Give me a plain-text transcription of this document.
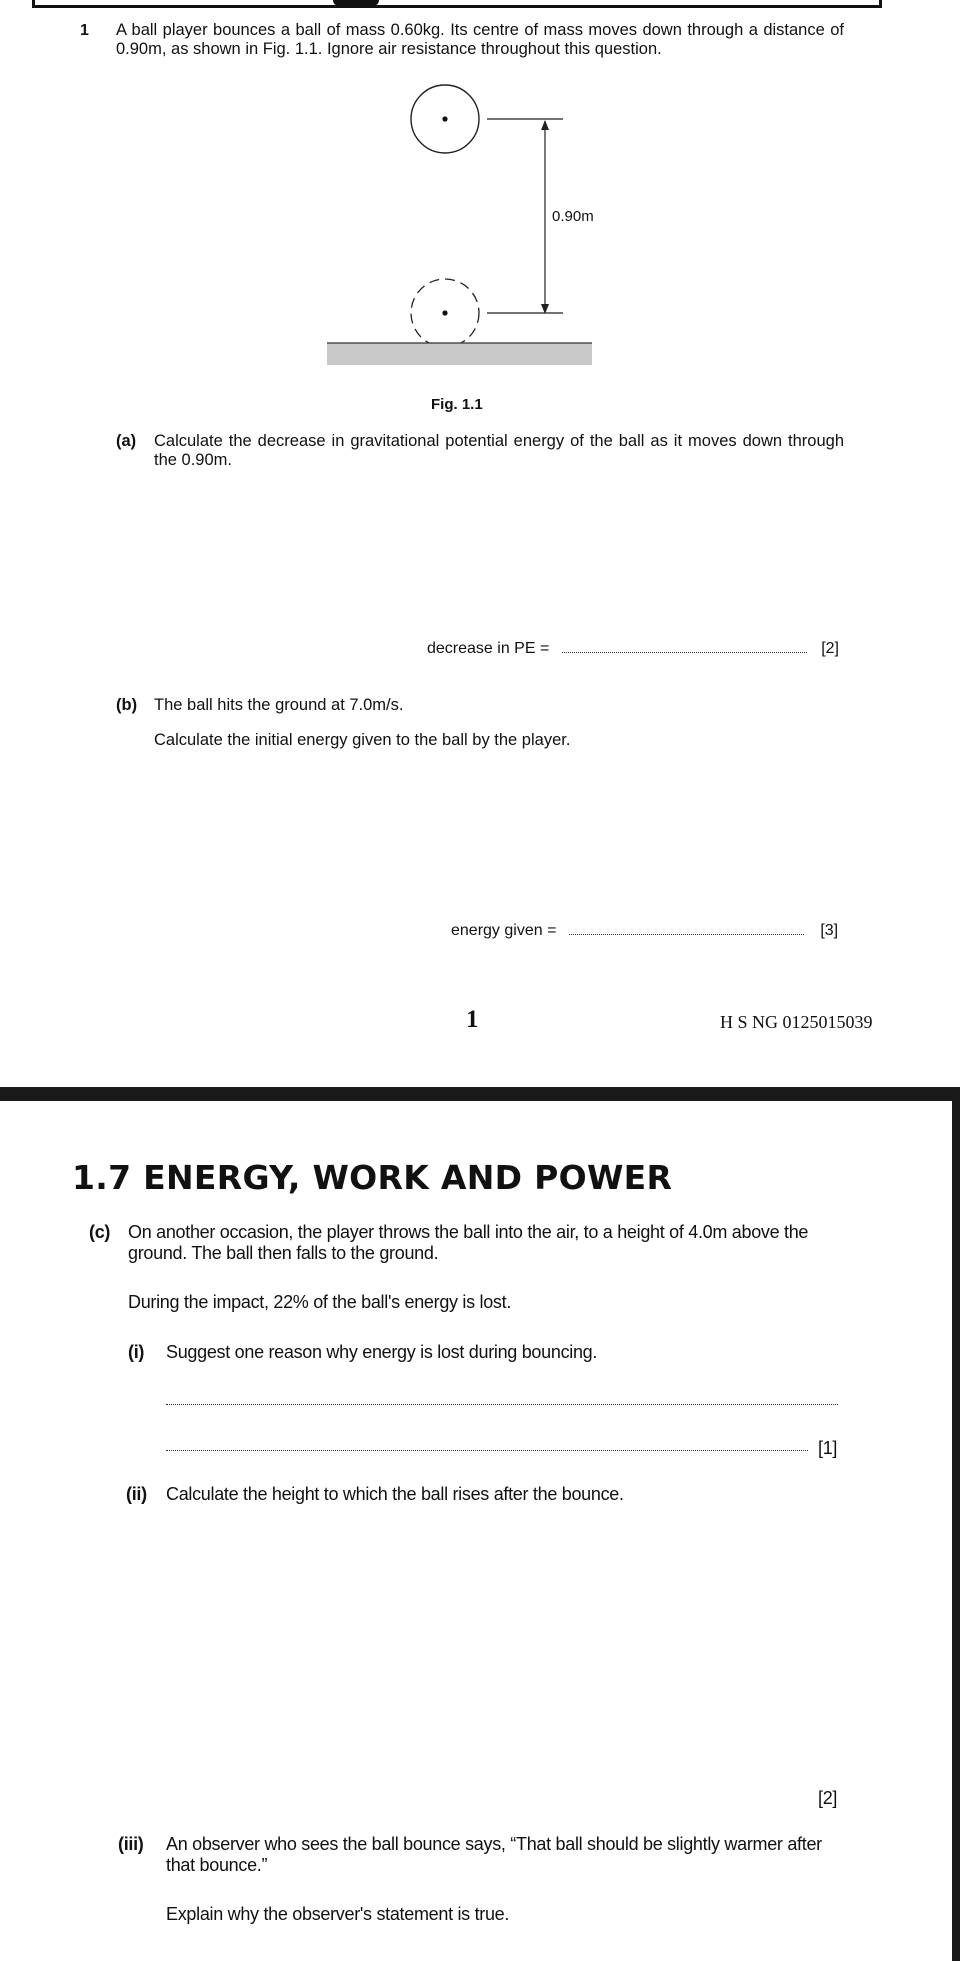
1 A ball player bounces a ball of mass 0.60kg. Its centre of mass moves down through a distance of 0.90m, as shown in Fig. 1.1. Ignore air resistance throughout this question.
0.90m
Fig. 1.1
(a) Calculate the decrease in gravitational potential energy of the ball as it moves down through the 0.90m.
decrease in PE =	[2]
(b) The ball hits the ground at 7.0m/s.
Calculate the initial energy given to the ball by the player.
energy given =	[3]
1	H S NG 0125015039
1.7 ENERGY, WORK AND POWER
(c) On another occasion, the player throws the ball into the air, to a height of 4.0m above the ground. The ball then falls to the ground.
During the impact, 22% of the ball's energy is lost.
(i) Suggest one reason why energy is lost during bouncing.
[1]
(ii) Calculate the height to which the ball rises after the bounce.
[2]
(iii) An observer who sees the ball bounce says, “That ball should be slightly warmer after that bounce.”
Explain why the observer's statement is true.
